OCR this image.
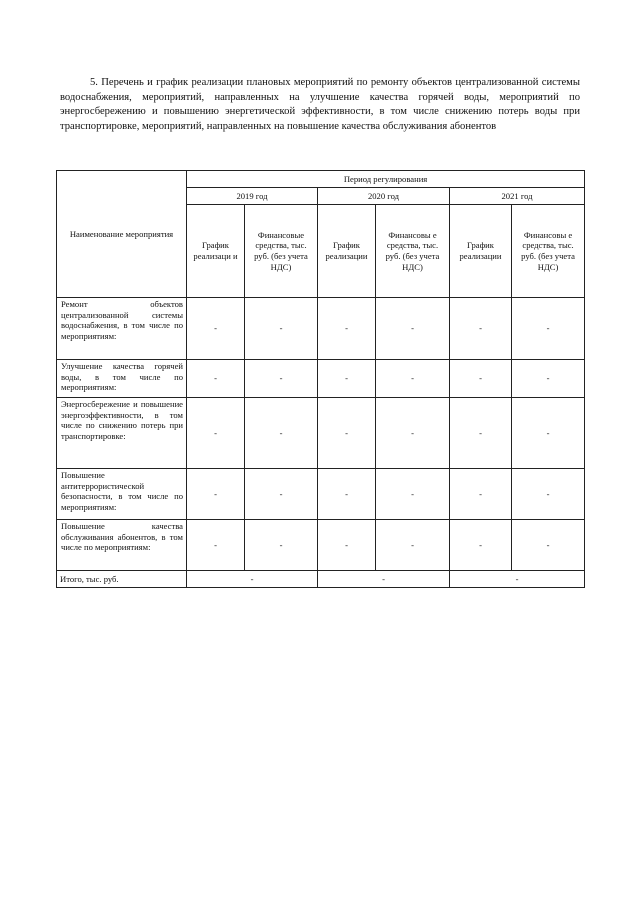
5. Перечень и график реализации плановых мероприятий по ремонту объектов централизованной системы водоснабжения, мероприятий, направленных на улучшение качества горячей воды, мероприятий по энергосбережению и повышению энергетической эффективности, в том числе снижению потерь воды при транспортировке, мероприятий, направленных на повышение качества обслуживания абонентов

Наименование мероприятия	Период регулирования					
	2019 год		2020 год		2021 год	
	График реализаци и	Финансовые средства, тыс. руб. (без учета НДС)	График реализации	Финансовы е средства, тыс. руб. (без учета НДС)	График реализации	Финансовы е средства, тыс. руб. (без учета НДС)
Ремонт объектов централизованной системы водоснабжения, в том числе по мероприятиям:	-	-	-	-	-	-
Улучшение качества горячей воды, в том числе по мероприятиям:	-	-	-	-	-	-
Энергосбережение и повышение энергоэффективности, в том числе по снижению потерь при транспортировке:	-	-	-	-	-	-
Повышение антитеррористической безопасности, в том числе по мероприятиям:	-	-	-	-	-	-
Повышение качества обслуживания абонентов, в том числе по мероприятиям:	-	-	-	-	-	-
Итого, тыс. руб.	-		-		-	
